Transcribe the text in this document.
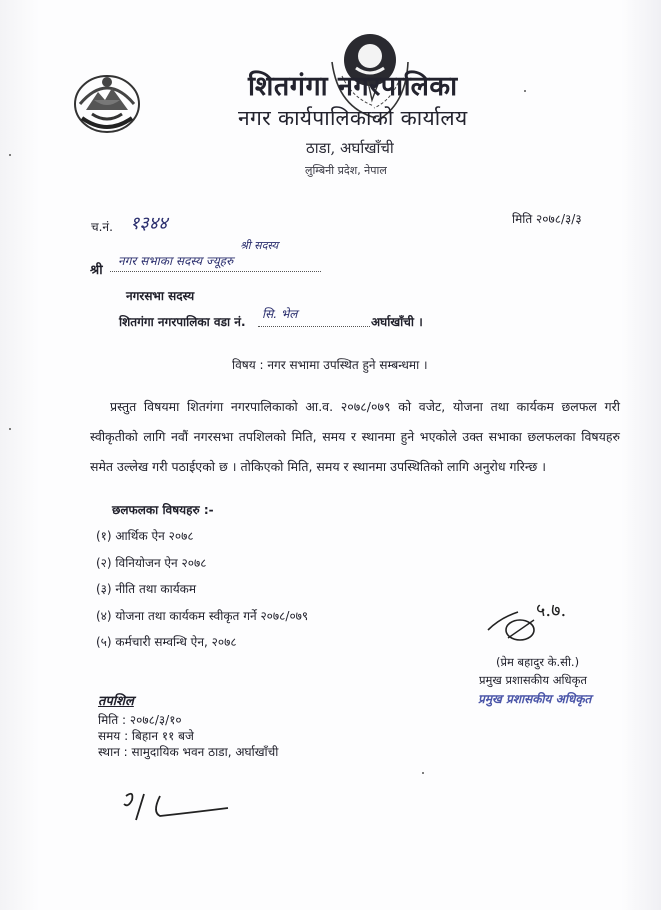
शितगंगा नगरपालिका
नगर कार्यपालिकाको कार्यालय
ठाडा, अर्घाखाँची
लुम्बिनी प्रदेश, नेपाल
च.नं. १३४४	मिति २०७८/३/३
श्री
नगर सभाका सदस्य ज्यूहरु
श्री सदस्य
नगरसभा सदस्य
शितगंगा नगरपालिका वडा नं.
सि. भेल
अर्घाखाँची ।
विषय : नगर सभामा उपस्थित हुने सम्बन्धमा ।

प्रस्तुत विषयमा शितगंगा नगरपालिकाको आ.व. २०७८/०७९ को वजेट, योजना तथा कार्यकम छलफल गरी स्वीकृतीको लागि नवौं नगरसभा तपशिलको मिति, समय र स्थानमा हुने भएकोले उक्त सभाका छलफलका विषयहरु समेत उल्लेख गरी पठाईएको छ । तोकिएको मिति, समय र स्थानमा उपस्थितिको लागि अनुरोध गरिन्छ ।

छलफलका विषयहरु :-
(१) आर्थिक ऐन २०७८
(२) विनियोजन ऐन २०७८
(३) नीति तथा कार्यकम
(४) योजना तथा कार्यकम स्वीकृत गर्ने २०७८/०७९
(५) कर्मचारी सम्वन्धि ऐन, २०७८
५.७.
(प्रेम बहादुर के.सी.)
प्रमुख प्रशासकीय अधिकृत
प्रमुख प्रशासकीय अधिकृत
तपशिल
मिति : २०७८/३/१०
समय : बिहान ११ बजे
स्थान : सामुदायिक भवन ठाडा, अर्घाखाँची
